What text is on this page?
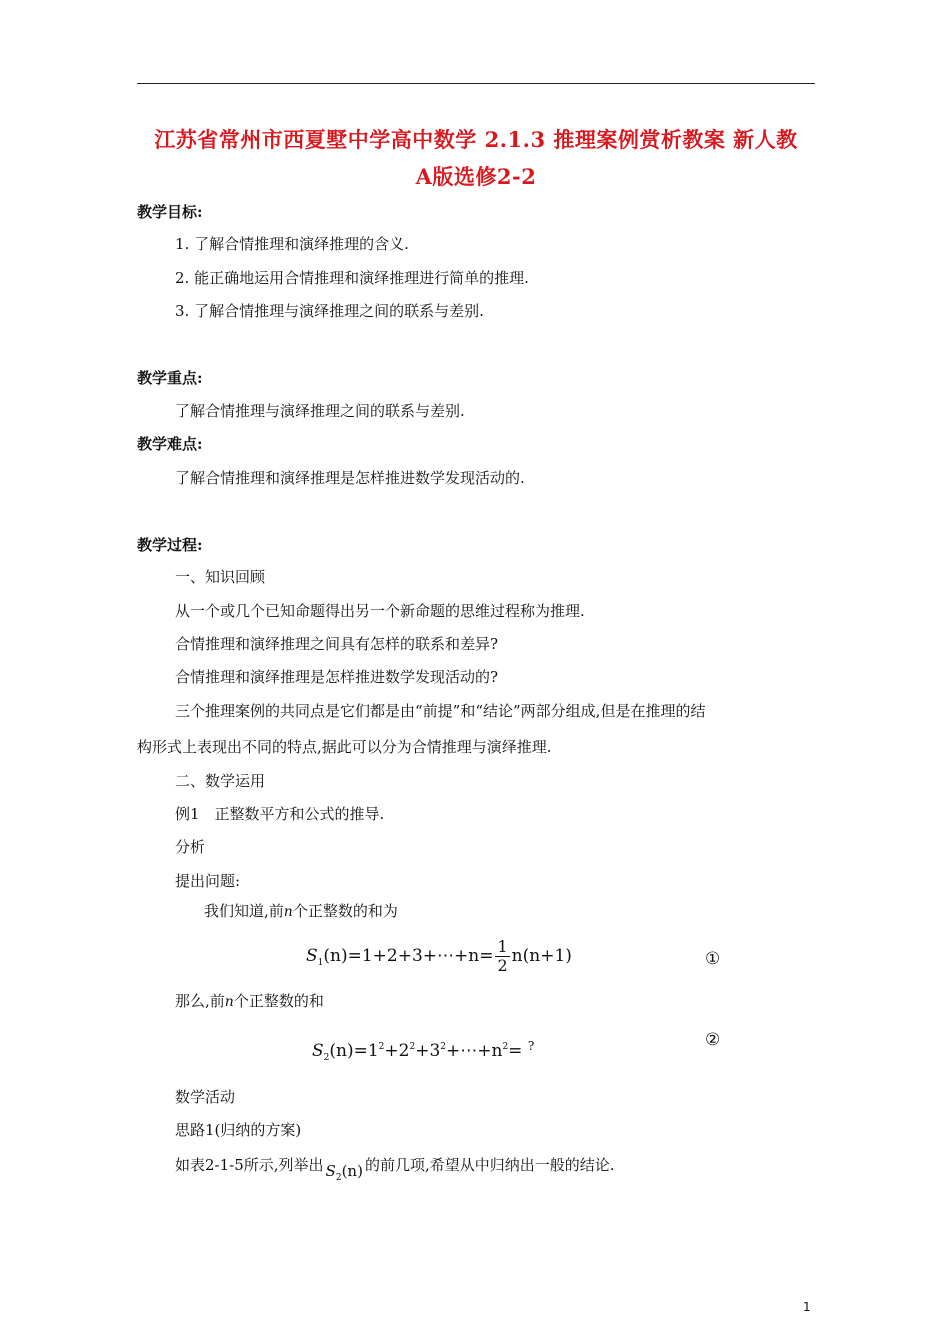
江苏省常州市西夏墅中学高中数学 2.1.3 推理案例赏析教案 新人教
A版选修2-2
教学目标:
1. 了解合情推理和演绎推理的含义.
2. 能正确地运用合情推理和演绎推理进行简单的推理.
3. 了解合情推理与演绎推理之间的联系与差别.
教学重点:
了解合情推理与演绎推理之间的联系与差别.
教学难点:
了解合情推理和演绎推理是怎样推进数学发现活动的.
教学过程:
一、知识回顾
从一个或几个已知命题得出另一个新命题的思维过程称为推理.
合情推理和演绎推理之间具有怎样的联系和差异?
合情推理和演绎推理是怎样推进数学发现活动的?
三个推理案例的共同点是它们都是由“前提”和“结论”两部分组成,但是在推理的结
构形式上表现出不同的特点,据此可以分为合情推理与演绎推理.
二、数学运用
例1　正整数平方和公式的推导.
分析
提出问题:
我们知道,前n个正整数的和为
$S_1(n)=1+2+3+\cdots+n= \frac{1}{2} n(n+1)$	①
那么,前n个正整数的和
$S_2(n)=1^2+2^2+3^2+\cdots+n^2= ^?$	②
数学活动
思路1(归纳的方案)
如表2-1-5所示,列举出 $S_2(n)$ 的前几项,希望从中归纳出一般的结论.
1
